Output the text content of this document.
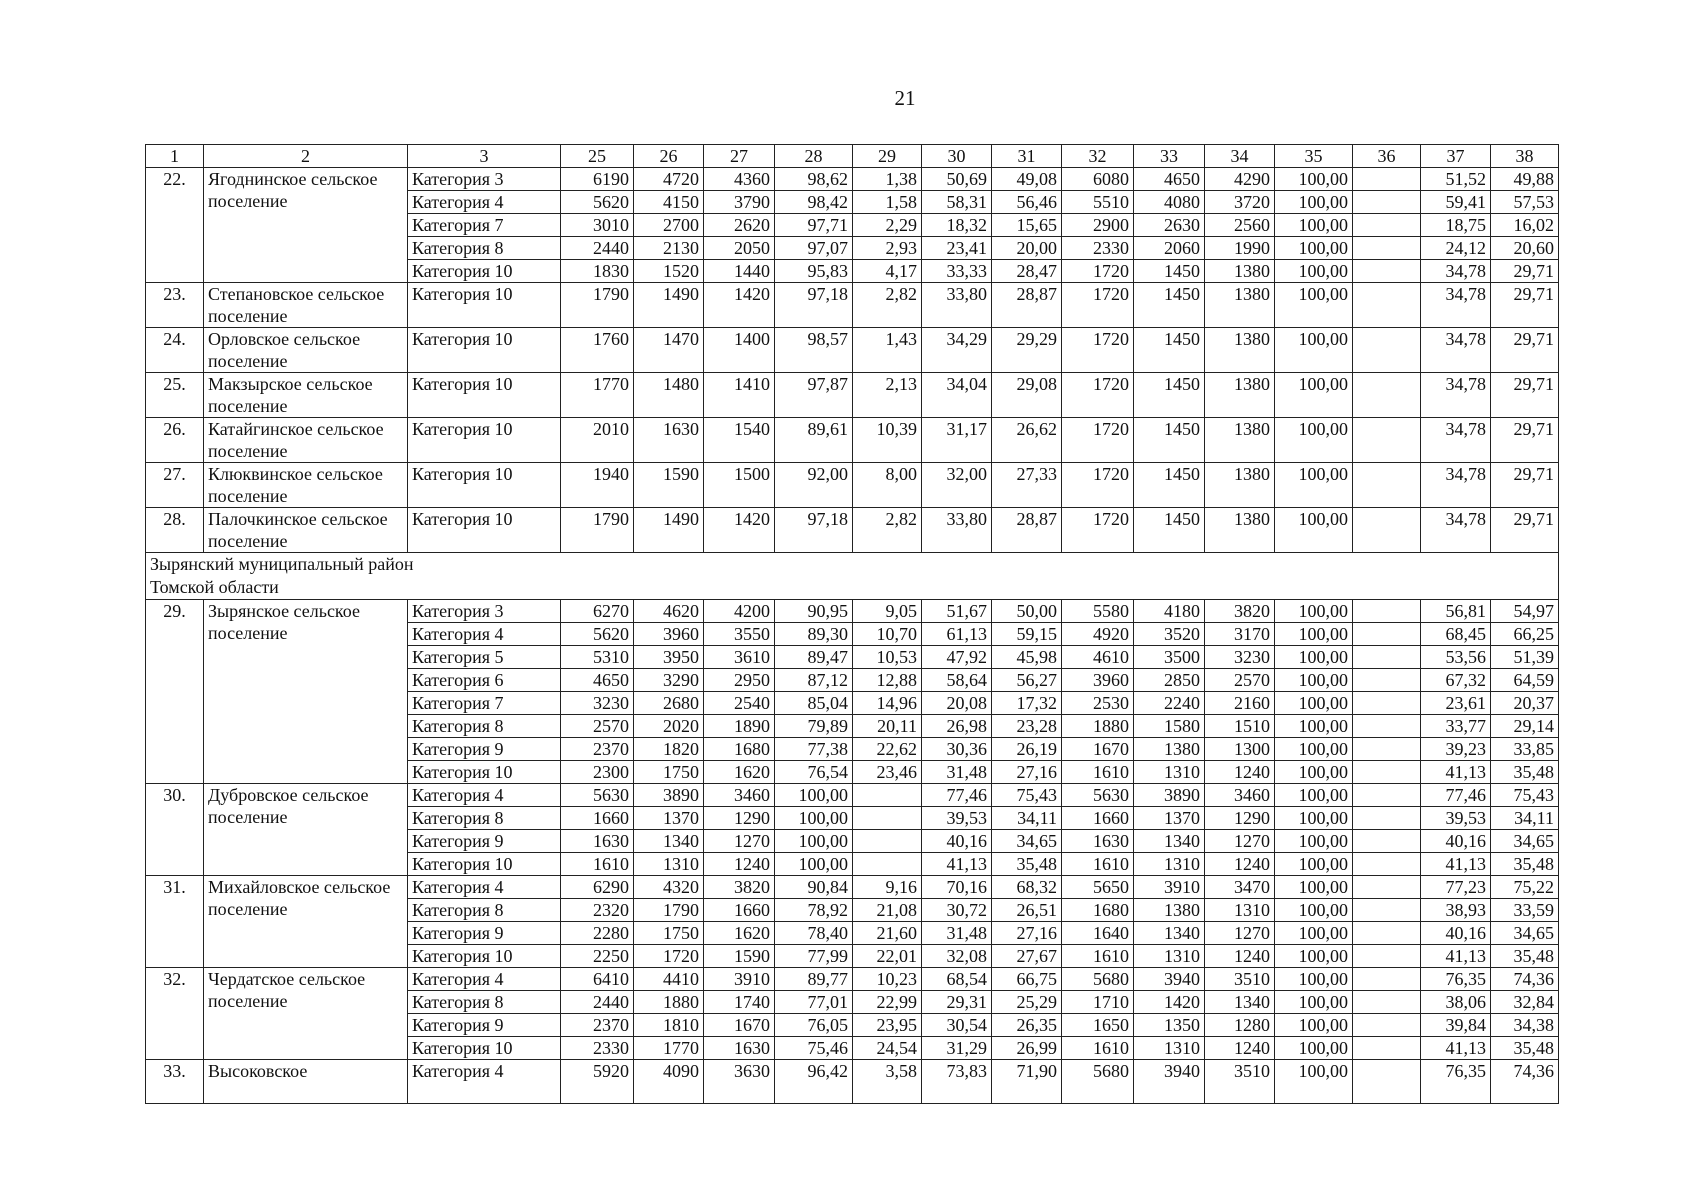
21
1	2	3	25	26	27	28	29	30	31	32	33	34	35	36	37	38
22.	Ягоднинское сельское поселение	Категория 3	6190	4720	4360	98,62	1,38	50,69	49,08	6080	4650	4290	100,00		51,52	49,88
		Категория 4	5620	4150	3790	98,42	1,58	58,31	56,46	5510	4080	3720	100,00		59,41	57,53
		Категория 7	3010	2700	2620	97,71	2,29	18,32	15,65	2900	2630	2560	100,00		18,75	16,02
		Категория 8	2440	2130	2050	97,07	2,93	23,41	20,00	2330	2060	1990	100,00		24,12	20,60
		Категория 10	1830	1520	1440	95,83	4,17	33,33	28,47	1720	1450	1380	100,00		34,78	29,71
23.	Степановское сельское поселение	Категория 10	1790	1490	1420	97,18	2,82	33,80	28,87	1720	1450	1380	100,00		34,78	29,71
24.	Орловское сельское поселение	Категория 10	1760	1470	1400	98,57	1,43	34,29	29,29	1720	1450	1380	100,00		34,78	29,71
25.	Макзырское сельское поселение	Категория 10	1770	1480	1410	97,87	2,13	34,04	29,08	1720	1450	1380	100,00		34,78	29,71
26.	Катайгинское сельское поселение	Категория 10	2010	1630	1540	89,61	10,39	31,17	26,62	1720	1450	1380	100,00		34,78	29,71
27.	Клюквинское сельское поселение	Категория 10	1940	1590	1500	92,00	8,00	32,00	27,33	1720	1450	1380	100,00		34,78	29,71
28.	Палочкинское сельское поселение	Категория 10	1790	1490	1420	97,18	2,82	33,80	28,87	1720	1450	1380	100,00		34,78	29,71
Зырянский муниципальный район Томской области																
29.	Зырянское сельское поселение	Категория 3	6270	4620	4200	90,95	9,05	51,67	50,00	5580	4180	3820	100,00		56,81	54,97
		Категория 4	5620	3960	3550	89,30	10,70	61,13	59,15	4920	3520	3170	100,00		68,45	66,25
		Категория 5	5310	3950	3610	89,47	10,53	47,92	45,98	4610	3500	3230	100,00		53,56	51,39
		Категория 6	4650	3290	2950	87,12	12,88	58,64	56,27	3960	2850	2570	100,00		67,32	64,59
		Категория 7	3230	2680	2540	85,04	14,96	20,08	17,32	2530	2240	2160	100,00		23,61	20,37
		Категория 8	2570	2020	1890	79,89	20,11	26,98	23,28	1880	1580	1510	100,00		33,77	29,14
		Категория 9	2370	1820	1680	77,38	22,62	30,36	26,19	1670	1380	1300	100,00		39,23	33,85
		Категория 10	2300	1750	1620	76,54	23,46	31,48	27,16	1610	1310	1240	100,00		41,13	35,48
30.	Дубровское сельское поселение	Категория 4	5630	3890	3460	100,00		77,46	75,43	5630	3890	3460	100,00		77,46	75,43
		Категория 8	1660	1370	1290	100,00		39,53	34,11	1660	1370	1290	100,00		39,53	34,11
		Категория 9	1630	1340	1270	100,00		40,16	34,65	1630	1340	1270	100,00		40,16	34,65
		Категория 10	1610	1310	1240	100,00		41,13	35,48	1610	1310	1240	100,00		41,13	35,48
31.	Михайловское сельское поселение	Категория 4	6290	4320	3820	90,84	9,16	70,16	68,32	5650	3910	3470	100,00		77,23	75,22
		Категория 8	2320	1790	1660	78,92	21,08	30,72	26,51	1680	1380	1310	100,00		38,93	33,59
		Категория 9	2280	1750	1620	78,40	21,60	31,48	27,16	1640	1340	1270	100,00		40,16	34,65
		Категория 10	2250	1720	1590	77,99	22,01	32,08	27,67	1610	1310	1240	100,00		41,13	35,48
32.	Чердатское сельское поселение	Категория 4	6410	4410	3910	89,77	10,23	68,54	66,75	5680	3940	3510	100,00		76,35	74,36
		Категория 8	2440	1880	1740	77,01	22,99	29,31	25,29	1710	1420	1340	100,00		38,06	32,84
		Категория 9	2370	1810	1670	76,05	23,95	30,54	26,35	1650	1350	1280	100,00		39,84	34,38
		Категория 10	2330	1770	1630	75,46	24,54	31,29	26,99	1610	1310	1240	100,00		41,13	35,48
33.	Высоковское	Категория 4	5920	4090	3630	96,42	3,58	73,83	71,90	5680	3940	3510	100,00		76,35	74,36
